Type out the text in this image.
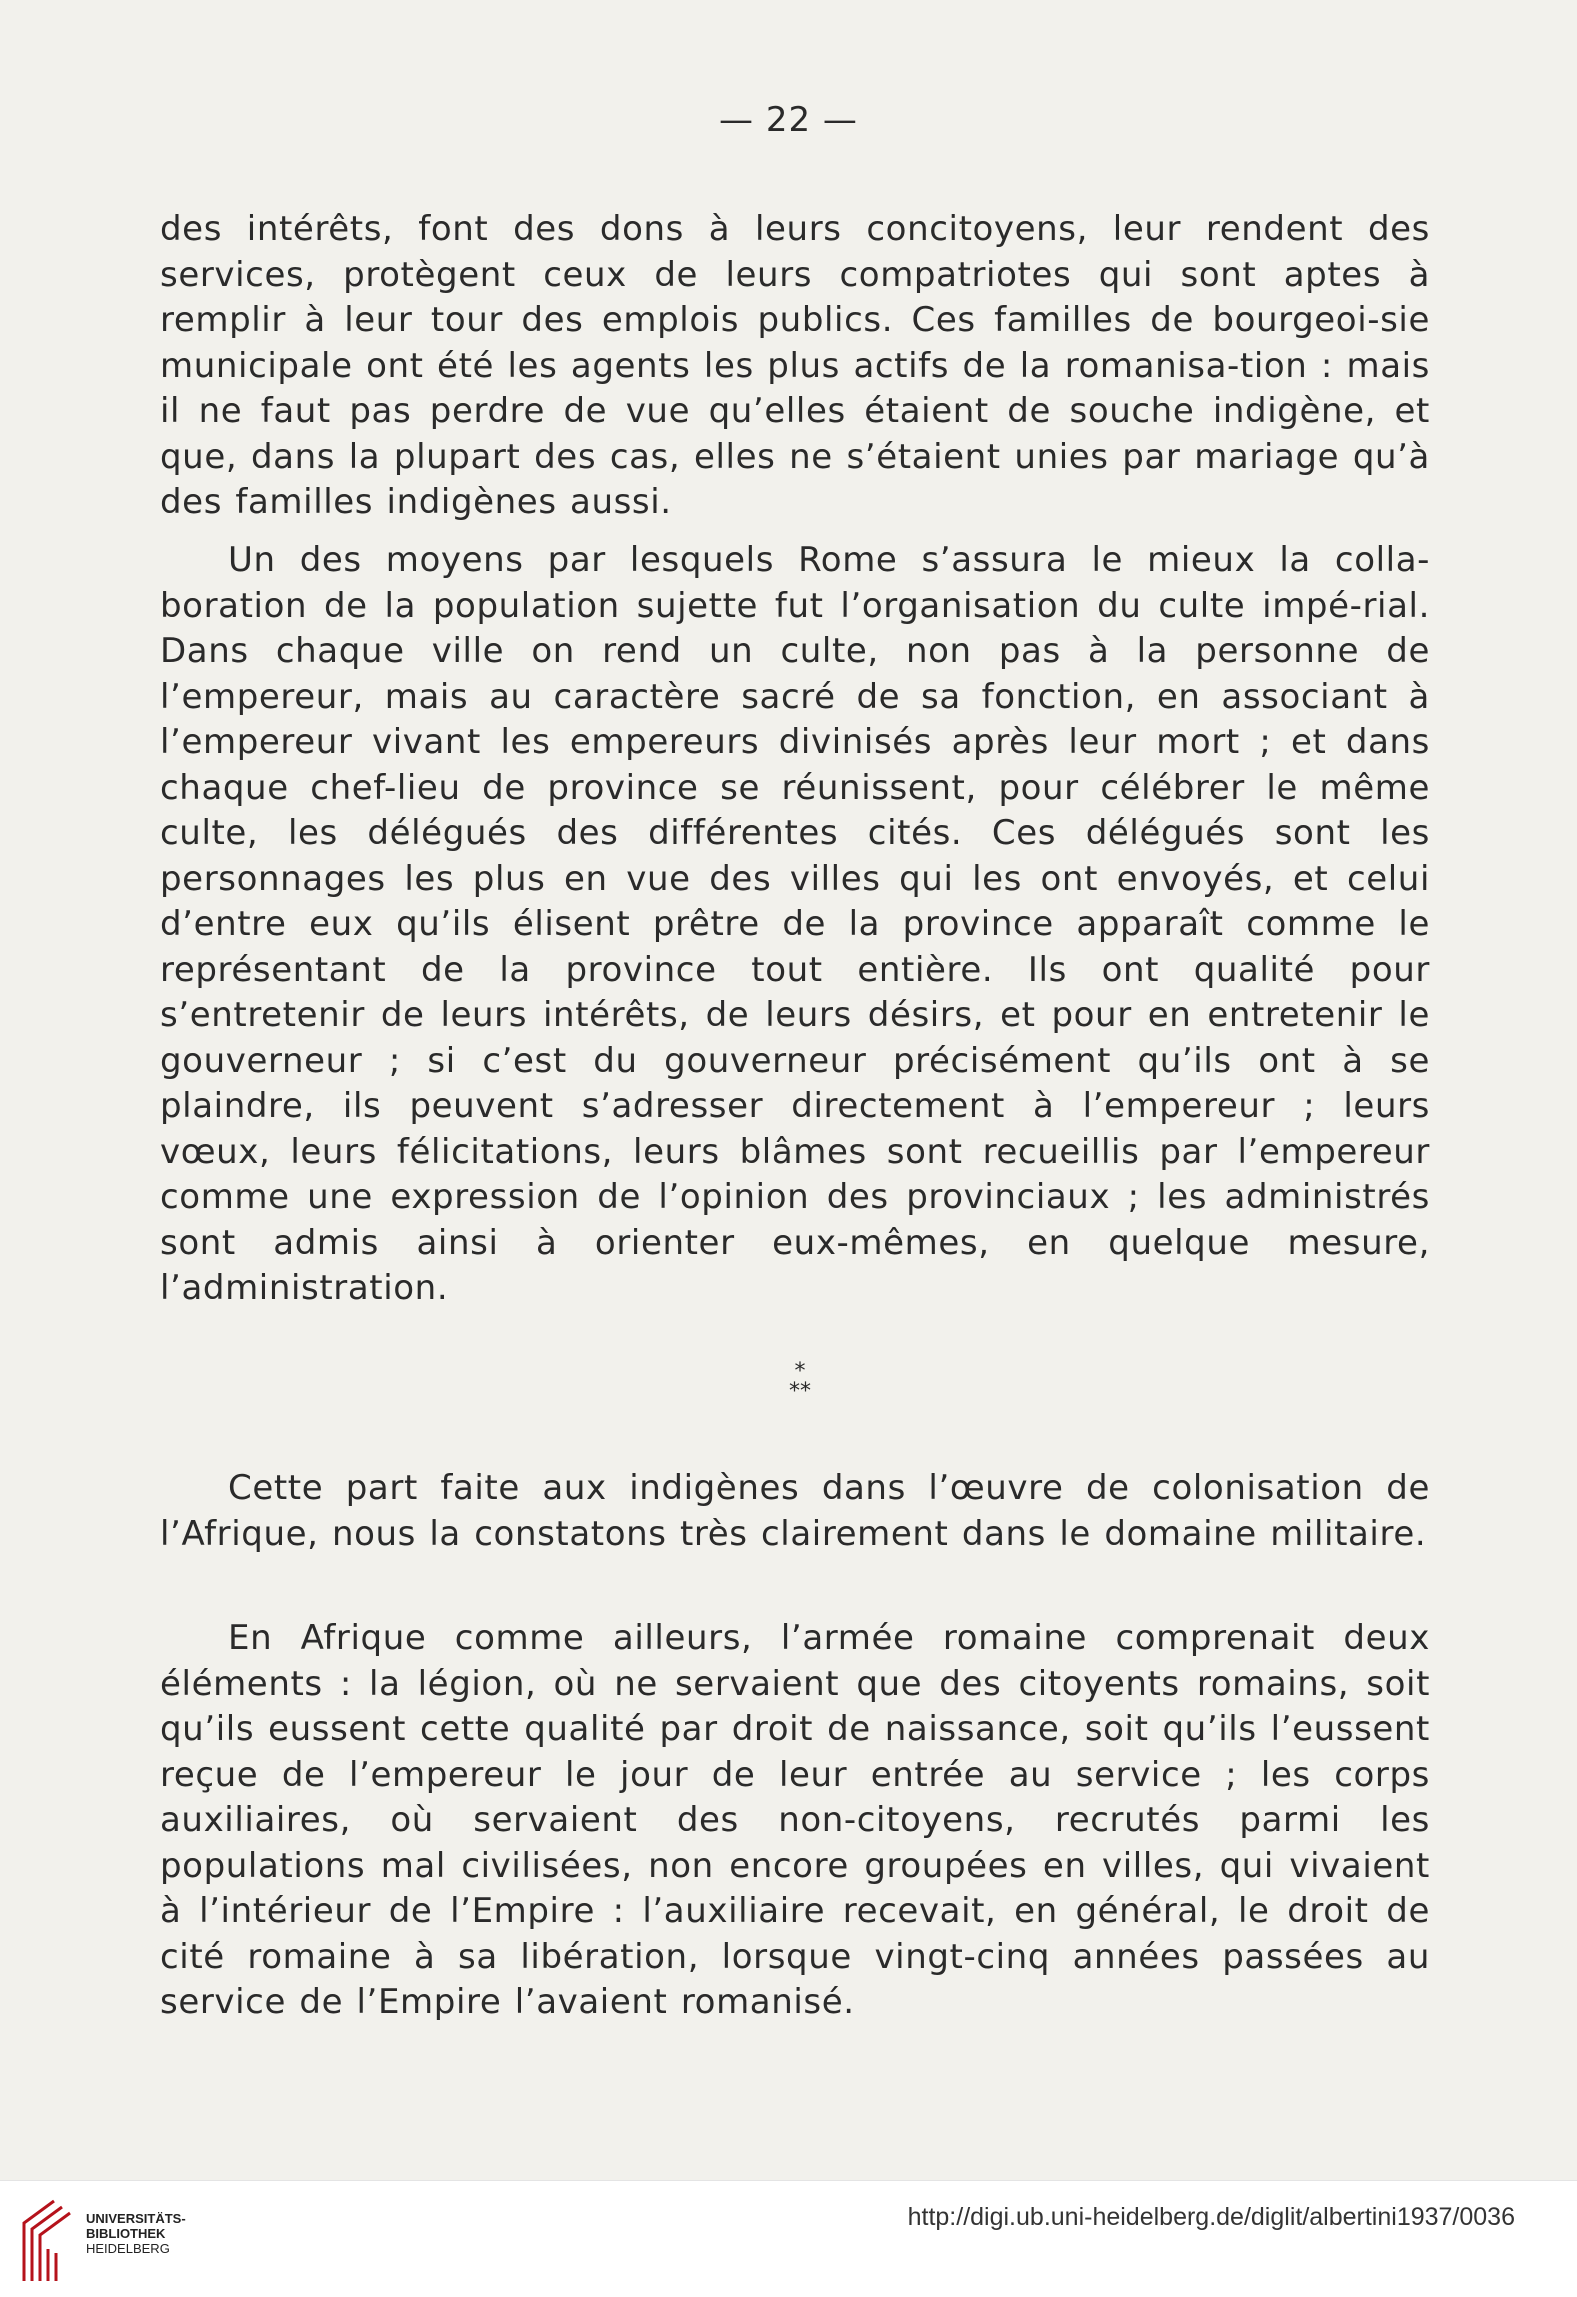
— 22 —

des intérêts, font des dons à leurs concitoyens, leur rendent des services, protègent ceux de leurs compatriotes qui sont aptes à remplir à leur tour des emplois publics. Ces familles de bourgeoi-sie municipale ont été les agents les plus actifs de la romanisa-tion : mais il ne faut pas perdre de vue qu’elles étaient de souche indigène, et que, dans la plupart des cas, elles ne s’étaient unies par mariage qu’à des familles indigènes aussi.

Un des moyens par lesquels Rome s’assura le mieux la colla-boration de la population sujette fut l’organisation du culte impé-rial. Dans chaque ville on rend un culte, non pas à la personne de l’empereur, mais au caractère sacré de sa fonction, en associant à l’empereur vivant les empereurs divinisés après leur mort ; et dans chaque chef-lieu de province se réunissent, pour célébrer le même culte, les délégués des différentes cités. Ces délégués sont les personnages les plus en vue des villes qui les ont envoyés, et celui d’entre eux qu’ils élisent prêtre de la province apparaît comme le représentant de la province tout entière. Ils ont qualité pour s’entretenir de leurs intérêts, de leurs désirs, et pour en entretenir le gouverneur ; si c’est du gouverneur précisément qu’ils ont à se plaindre, ils peuvent s’adresser directement à l’empereur ; leurs vœux, leurs félicitations, leurs blâmes sont recueillis par l’empereur comme une expression de l’opinion des provinciaux ; les administrés sont admis ainsi à orienter eux-mêmes, en quelque mesure, l’administration.

*
**

Cette part faite aux indigènes dans l’œuvre de colonisation de l’Afrique, nous la constatons très clairement dans le domaine militaire.

En Afrique comme ailleurs, l’armée romaine comprenait deux éléments : la légion, où ne servaient que des citoyents romains, soit qu’ils eussent cette qualité par droit de naissance, soit qu’ils l’eussent reçue de l’empereur le jour de leur entrée au service ; les corps auxiliaires, où servaient des non-citoyens, recrutés parmi les populations mal civilisées, non encore groupées en villes, qui vivaient à l’intérieur de l’Empire : l’auxiliaire recevait, en général, le droit de cité romaine à sa libération, lorsque vingt-cinq années passées au service de l’Empire l’avaient romanisé.

UNIVERSITÄTS-
BIBLIOTHEK
HEIDELBERG
http://digi.ub.uni-heidelberg.de/diglit/albertini1937/0036
